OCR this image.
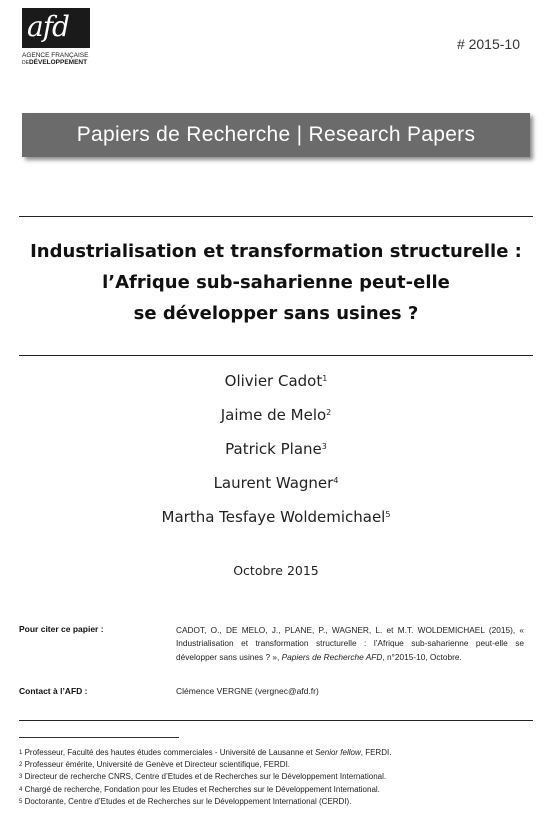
afd
AGENCE FRANÇAISE
DEDÉVELOPPEMENT
# 2015-10
Papiers de Recherche | Research Papers
Industrialisation et transformation structurelle :
l’Afrique sub-saharienne peut-elle
se développer sans usines ?
Olivier Cadot$^1$
Jaime de Melo$^2$
Patrick Plane$^3$
Laurent Wagner$^4$
Martha Tesfaye Woldemichael$^5$
Octobre 2015
Pour citer ce papier :	CADOT, O., DE MELO, J., PLANE, P., WAGNER, L. et M.T. WOLDEMICHAEL (2015), « Industrialisation et transformation structurelle : l’Afrique sub-saharienne peut-elle se développer sans usines ? », Papiers de Recherche AFD, n°2015-10, Octobre.
Contact à l’AFD :	Clémence VERGNE (vergnec@afd.fr)
$^1$ Professeur, Faculté des hautes études commerciales - Université de Lausanne et Senior fellow, FERDI.
$^2$ Professeur émérite, Université de Genève et Directeur scientifique, FERDI.
$^3$ Directeur de recherche CNRS, Centre d’Etudes et de Recherches sur le Développement International.
$^4$ Chargé de recherche, Fondation pour les Etudes et Recherches sur le Développement International.
$^5$ Doctorante, Centre d’Etudes et de Recherches sur le Développement International (CERDI).
